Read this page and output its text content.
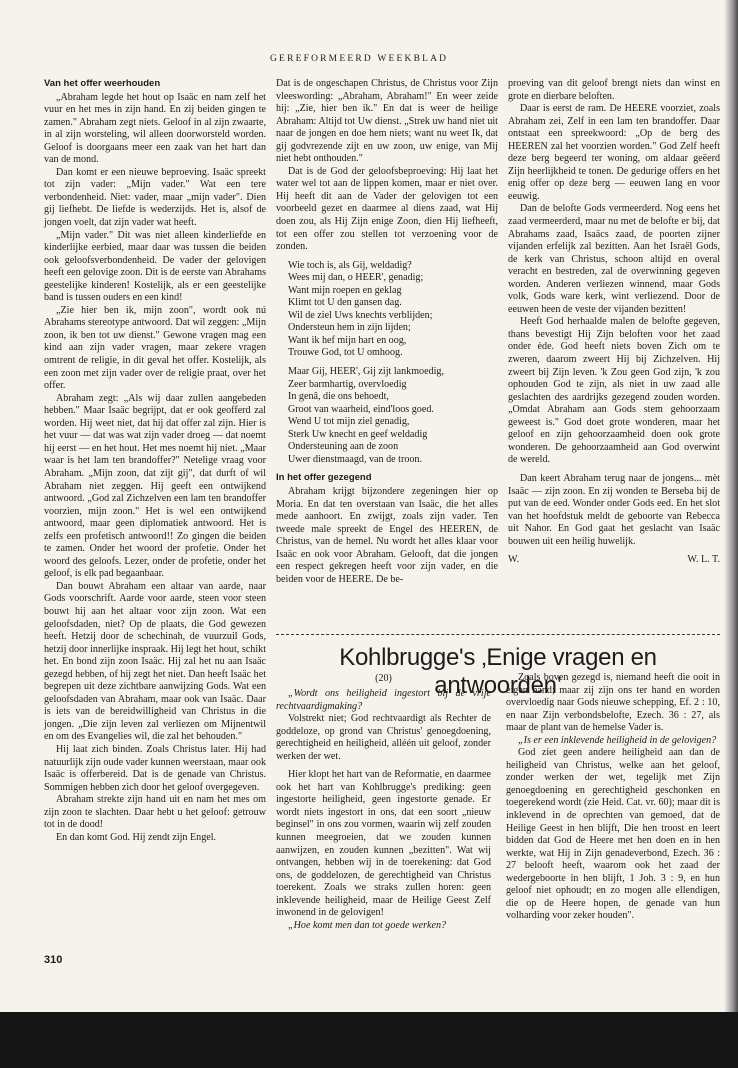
GEREFORMEERD WEEKBLAD

Van het offer weerhouden

„Abraham legde het hout op Isaäc en nam zelf het vuur en het mes in zijn hand. En zij beiden gingen te zamen." Abraham zegt niets. Geloof in al zijn zwaarte, in al zijn worsteling, wil alleen doorworsteld worden. Geloof is doorgaans meer een zaak van het hart dan van de mond.

Dan komt er een nieuwe beproeving. Isaäc spreekt tot zijn vader: „Mijn vader." Wat een tere verbondenheid. Niet: vader, maar „mijn vader". Dien gij liefhebt. De liefde is wederzijds. Het is, alsof de jongen voelt, dat zijn vader wat heeft.

„Mijn vader." Dit was niet alleen kinderliefde en kinderlijke eerbied, maar daar was tussen die beiden ook geloofsverbondenheid. De vader der gelovigen heeft een gelovige zoon. Dit is de eerste van Abrahams geestelijke kinderen! Kostelijk, als er een geestelijke band is tussen ouders en een kind!

„Zie hier ben ik, mijn zoon", wordt ook nú Abrahams stereotype antwoord. Dat wil zeggen: „Mijn zoon, ik ben tot uw dienst." Gewone vragen mag een kind aan zijn vader vragen, maar zekere vragen omtrent de religie, in dit geval het offer. Kostelijk, als een zoon met zijn vader over de religie praat, over het offer.

Abraham zegt: „Als wij daar zullen aangebeden hebben." Maar Isaäc begrijpt, dat er ook geofferd zal worden. Hij weet niet, dat hij dat offer zal zijn. Hier is het vuur — dat was wat zijn vader droeg — dat noemt hij eerst — en het hout. Het mes noemt hij niet. „Maar waar is het lam ten brandoffer?" Netelige vraag voor Abraham. „Mijn zoon, dat zijt gij", dat durft of wil Abraham niet zeggen. Hij geeft een ontwijkend antwoord. „God zal Zichzelven een lam ten brandoffer voorzien, mijn zoon." Het is wel een ontwijkend antwoord, maar geen diplomatiek antwoord. Het is zelfs een profetisch antwoord!! Zo gingen die beiden te zamen. Onder het woord der profetie. Onder het woord des geloofs. Lezer, onder de profetie, onder het geloof, is elk pad begaanbaar.

Dan bouwt Abraham een altaar van aarde, naar Gods voorschrift. Aarde voor aarde, steen voor steen bouwt hij aan het altaar voor zijn zoon. Wat een geloofsdaden, niet? Op de plaats, die God gewezen heeft. Hetzij door de schechinah, de vuurzuil Gods, hetzij door innerlijke inspraak. Hij legt het hout, schikt het. En bond zijn zoon Isaäc. Hij zal het nu aan Isaäc gezegd hebben, of hij zegt het niet. Dan heeft Isaäc het begrepen uit deze zichtbare aanwijzing Gods. Wat een geloofsdaden van Abraham, maar ook van Isaäc. Daar is iets van de bereidwilligheid van Christus in die jongen. „Die zijn leven zal verliezen om Mijnentwil en om des Evangelies wil, die zal het behouden."

Hij laat zich binden. Zoals Christus later. Hij had natuurlijk zijn oude vader kunnen weerstaan, maar ook Isaäc is offerbereid. Dat is de genade van Christus. Sommigen hebben zich door het geloof overgegeven.

Abraham strekte zijn hand uit en nam het mes om zijn zoon te slachten. Daar hebt u het geloof: getrouw tot in de dood!

En dan komt God. Hij zendt zijn Engel.

Dat is de ongeschapen Christus, de Christus voor Zijn vleeswording: „Abraham, Abraham!" En weer zeide hij: „Zie, hier ben ik." En dat is weer de heilige Abraham: Altijd tot Uw dienst. „Strek uw hand niet uit naar de jongen en doe hem niets; want nu weet Ik, dat gij godvrezende zijt en uw zoon, uw enige, van Mij niet hebt onthouden."

Dat is de God der geloofsbeproeving: Hij laat het water wel tot aan de lippen komen, maar er niet over. Hij heeft dit aan de Vader der gelovigen tot een voorbeeld gezet en daarmee al diens zaad, wat Hij doen zou, als Hij Zijn enige Zoon, dien Hij liefheeft, tot een offer zou stellen tot verzoening voor de zonden.

Wie toch is, als Gij, weldadig?
Wees mij dan, o HEER', genadig;
Want mijn roepen en geklag
Klimt tot U den gansen dag.
Wil de ziel Uws knechts verblijden;
Ondersteun hem in zijn lijden;
Want ik hef mijn hart en oog,
Trouwe God, tot U omhoog.
Maar Gij, HEER', Gij zijt lankmoedig,
Zeer barmhartig, overvloedig
In genâ, die ons behoedt,
Groot van waarheid, eind'loos goed.
Wend U tot mijn ziel genadig,
Sterk Uw knecht en geef weldadig
Ondersteuning aan de zoon
Uwer dienstmaagd, van de troon.

In het offer gezegend

Abraham krijgt bijzondere zegeningen hier op Moria. En dat ten overstaan van Isaäc, die het alles mede aanhoort. En zwijgt, zoals zijn vader. Ten tweede male spreekt de Engel des HEEREN, de Christus, van de hemel. Nu wordt het alles klaar voor Isaäc en ook voor Abraham. Gelooft, dat die jongen een respect gekregen heeft voor zijn vader, en die beiden voor de HEERE. De be-

proeving van dit geloof brengt niets dan winst en grote en dierbare beloften.

Daar is eerst de ram. De HEERE voorziet, zoals Abraham zei, Zelf in een lam ten brandoffer. Daar ontstaat een spreekwoord: „Op de berg des HEEREN zal het voorzien worden." God Zelf heeft deze berg begeerd ter woning, om aldaar geëerd Zijn heerlijkheid te tonen. De gedurige offers en het enig offer op deze berg — eeuwen lang en voor eeuwig.

Dan de belofte Gods vermeerderd. Nog eens het zaad vermeerderd, maar nu met de belofte er bij, dat Abrahams zaad, Isaäcs zaad, de poorten zijner vijanden erfelijk zal bezitten. Aan het Israël Gods, de kerk van Christus, schoon altijd en overal veracht en bestreden, zal de overwinning gegeven worden. Anderen verliezen winnend, maar Gods volk, Gods ware kerk, wint verliezend. Door de eeuwen heen de veste der vijanden bezitten!

Heeft God herhaalde malen de belofte gegeven, thans bevestigt Hij Zijn beloften voor het zaad onder ède. God heeft niets boven Zich om te zweren, daarom zweert Hij bij Zichzelven. Hij zweert bij Zijn leven. 'k Zou geen God zijn, 'k zou ophouden God te zijn, als niet in uw zaad alle geslachten des aardrijks gezegend zouden worden. „Omdat Abraham aan Gods stem gehoorzaam geweest is." God doet grote wonderen, maar het geloof en zijn gehoorzaamheid doen ook grote wonderen. De gehoorzaamheid aan God overwint de wereld.

Dan keert Abraham terug naar de jongens... mèt Isaäc — zijn zoon. En zij wonden te Berseba bij de put van de eed. Wonder onder Gods eed. En het slot van het hoofdstuk meldt de geboorte van Rebecca uit Nahor. En God gaat het geslacht van Isaäc bouwen uit een heilig huwelijk.

W.	W. L. T.
Kohlbrugge's ‚Enige vragen en antwoorden‛
(20)

„Wordt ons heiligheid ingestort bij de vrije rechtvaardigmaking?

Volstrekt niet; God rechtvaardigt als Rechter de goddeloze, op grond van Christus' genoegdoening, gerechtigheid en heiligheid, alléén uit geloof, zonder werken der wet.

Hier klopt het hart van de Reformatie, en daarmee ook het hart van Kohlbrugge's prediking: geen ingestorte heiligheid, geen ingestorte genade. Er wordt niets ingestort in ons, dat een soort „nieuw beginsel" in ons zou vormen, waarin wij zelf zouden kunnen meegroeien, dat we zouden kunnen aanwijzen, en zouden kunnen „bezitten". Wat wij ontvangen, hebben wij in de toerekening: dat God ons, de goddelozen, de gerechtigheid van Christus toerekent. Zoals we straks zullen horen: geen inklevende heiligheid, maar de Heilige Geest Zelf inwonend in de gelovigen!

„Hoe komt men dan tot goede werken?

Zoals boven gezegd is, niemand heeft die ooit in eigen hand; maar zij zijn ons ter hand en worden overvloedig naar Gods nieuwe schepping, Ef. 2 : 10, en naar Zijn verbondsbelofte, Ezech. 36 : 27, als maar de plant van de hemelse Vader is.

„Is er een inklevende heiligheid in de gelovigen?

God ziet geen andere heiligheid aan dan de heiligheid van Christus, welke aan het geloof, zonder werken der wet, tegelijk met Zijn genoegdoening en gerechtigheid geschonken en toegerekend wordt (zie Heid. Cat. vr. 60); maar dit is inklevend in de oprechten van gemoed, dat de Heilige Geest in hen blijft, Die hen troost en leert bidden dat God de Heere met hen doen en in hen werkte, wat Hij in Zijn genadeverbond, Ezech. 36 : 27 belooft heeft, waarom ook het zaad der wedergeboorte in hen blijft, 1 Joh. 3 : 9, en hun geloof niet ophoudt; en zo mogen alle ellendigen, die op de Heere hopen, de genade van hun volharding voor zeker houden".

310
